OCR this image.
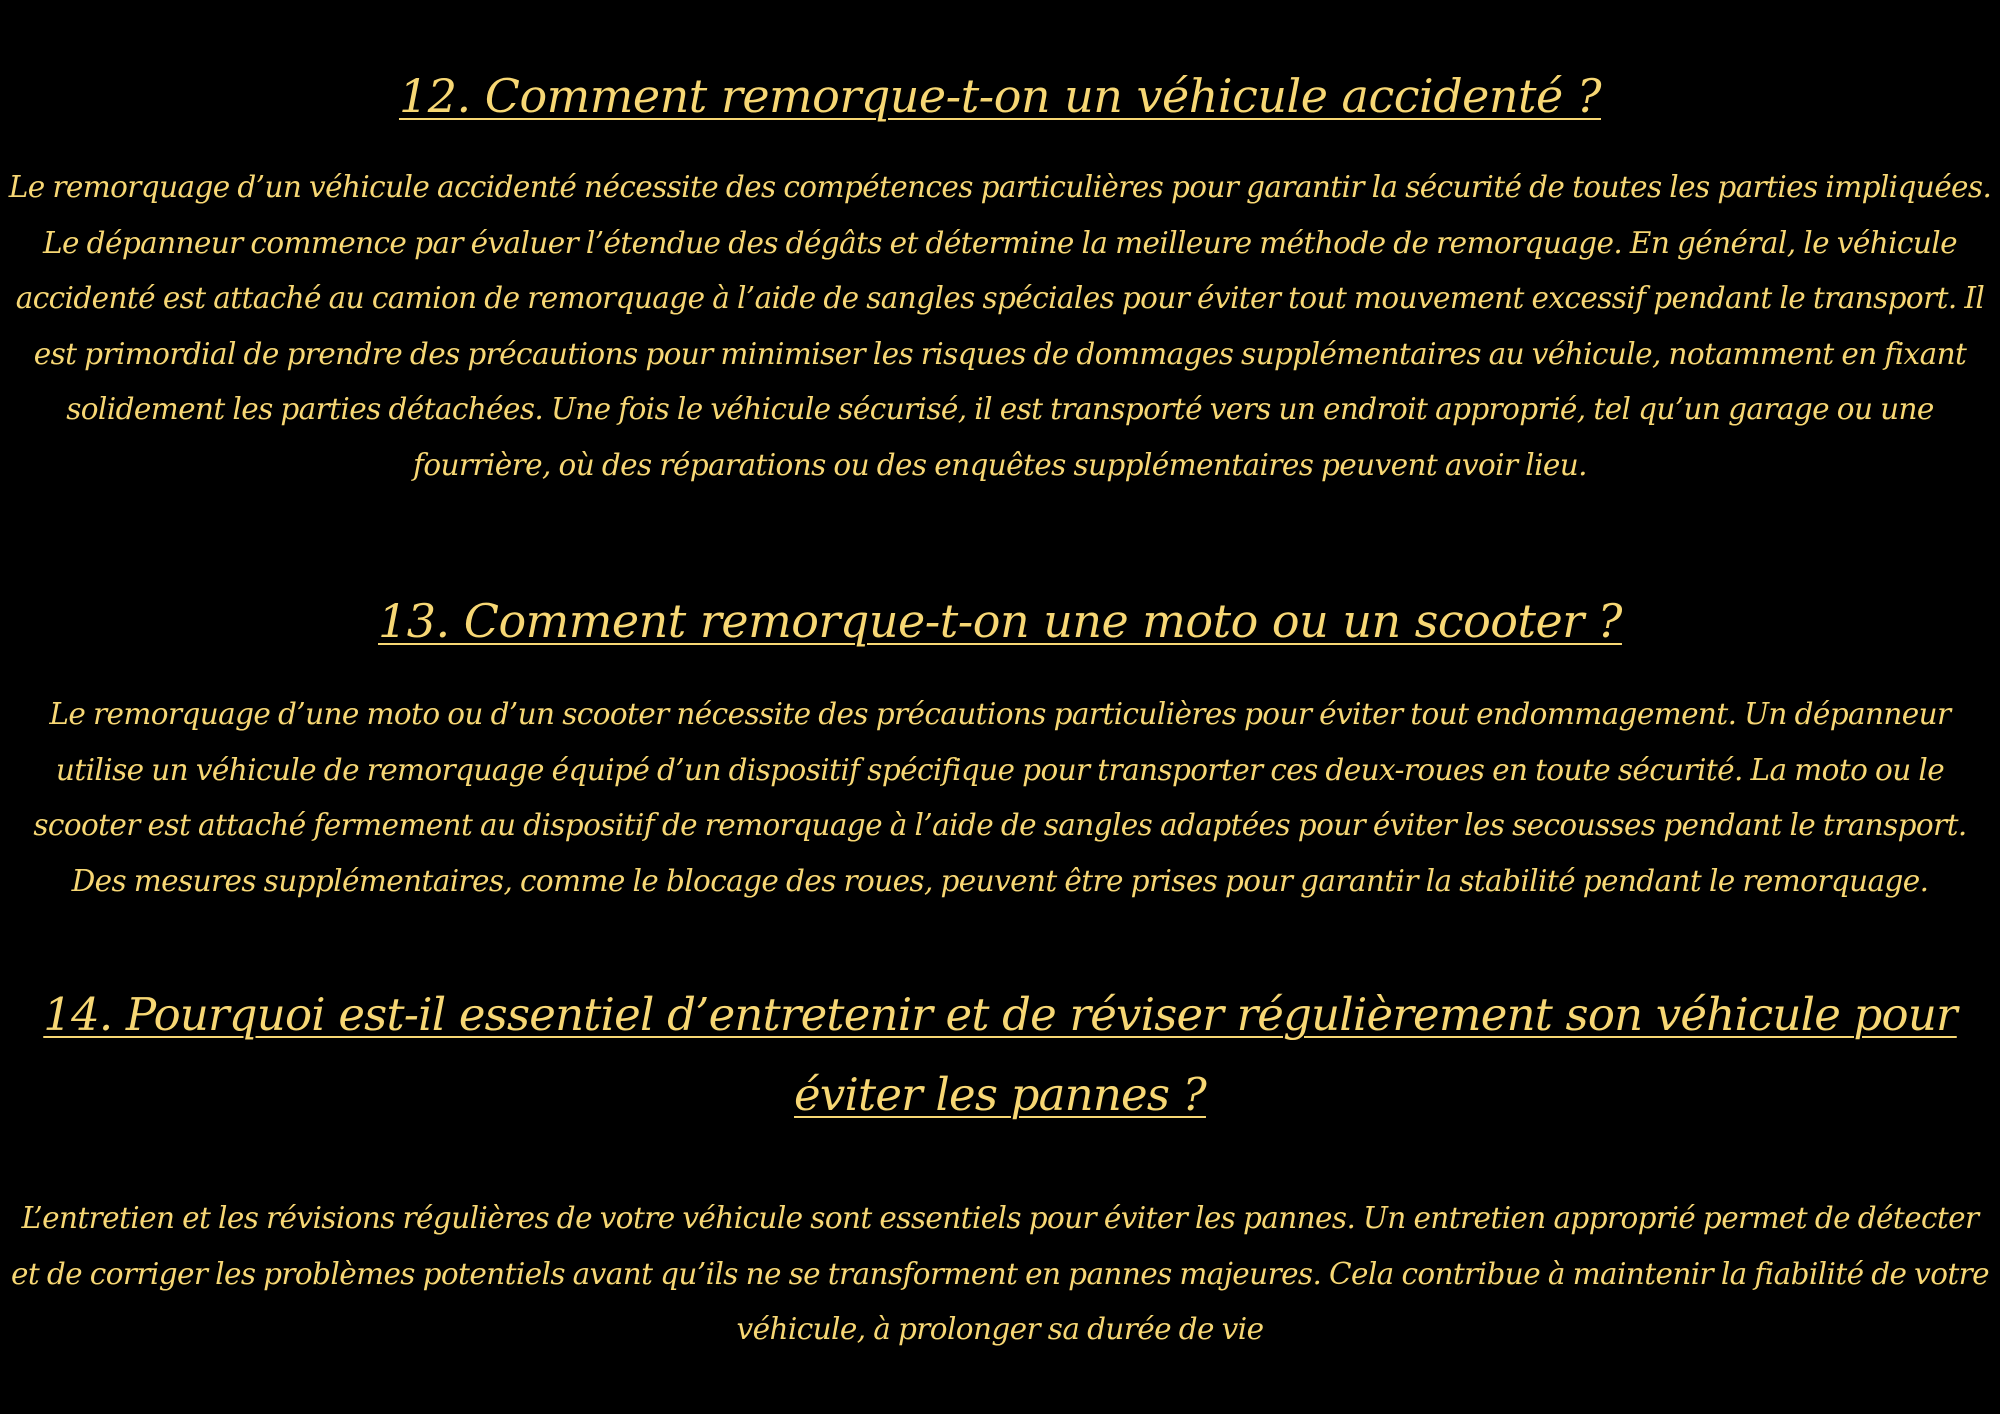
12. Comment remorque-t-on un véhicule accidenté ?

Le remorquage d’un véhicule accidenté nécessite des compétences particulières pour garantir la sécurité de toutes les parties impliquées. Le dépanneur commence par évaluer l’étendue des dégâts et détermine la meilleure méthode de remorquage. En général, le véhicule accidenté est attaché au camion de remorquage à l’aide de sangles spéciales pour éviter tout mouvement excessif pendant le transport. Il est primordial de prendre des précautions pour minimiser les risques de dommages supplémentaires au véhicule, notamment en fixant solidement les parties détachées. Une fois le véhicule sécurisé, il est transporté vers un endroit approprié, tel qu’un garage ou une fourrière, où des réparations ou des enquêtes supplémentaires peuvent avoir lieu.

13. Comment remorque-t-on une moto ou un scooter ?

Le remorquage d’une moto ou d’un scooter nécessite des précautions particulières pour éviter tout endommagement. Un dépanneur utilise un véhicule de remorquage équipé d’un dispositif spécifique pour transporter ces deux-roues en toute sécurité. La moto ou le scooter est attaché fermement au dispositif de remorquage à l’aide de sangles adaptées pour éviter les secousses pendant le transport. Des mesures supplémentaires, comme le blocage des roues, peuvent être prises pour garantir la stabilité pendant le remorquage.

14. Pourquoi est-il essentiel d’entretenir et de réviser régulièrement son véhicule pour éviter les pannes ?

L’entretien et les révisions régulières de votre véhicule sont essentiels pour éviter les pannes. Un entretien approprié permet de détecter et de corriger les problèmes potentiels avant qu’ils ne se transforment en pannes majeures. Cela contribue à maintenir la fiabilité de votre véhicule, à prolonger sa durée de vie
